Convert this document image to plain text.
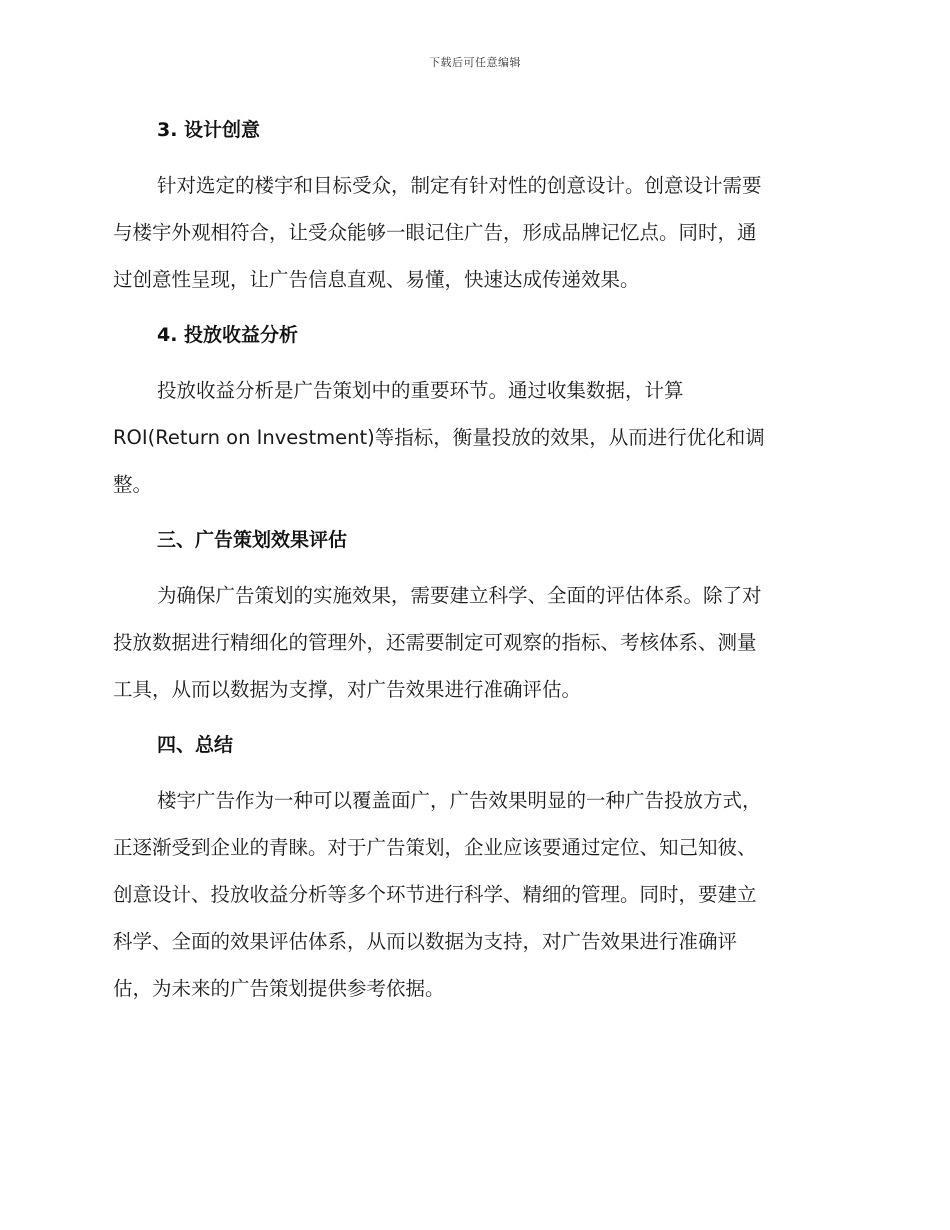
下载后可任意编辑
3. 设计创意
针对选定的楼宇和目标受众，制定有针对性的创意设计。创意设计需要
与楼宇外观相符合，让受众能够一眼记住广告，形成品牌记忆点。同时，通
过创意性呈现，让广告信息直观、易懂，快速达成传递效果。
4. 投放收益分析
投放收益分析是广告策划中的重要环节。通过收集数据，计算
ROI(Return on Investment)等指标，衡量投放的效果，从而进行优化和调
整。
三、广告策划效果评估
为确保广告策划的实施效果，需要建立科学、全面的评估体系。除了对
投放数据进行精细化的管理外，还需要制定可观察的指标、考核体系、测量
工具，从而以数据为支撑，对广告效果进行准确评估。
四、总结
楼宇广告作为一种可以覆盖面广，广告效果明显的一种广告投放方式，
正逐渐受到企业的青睐。对于广告策划，企业应该要通过定位、知己知彼、
创意设计、投放收益分析等多个环节进行科学、精细的管理。同时，要建立
科学、全面的效果评估体系，从而以数据为支持，对广告效果进行准确评
估，为未来的广告策划提供参考依据。
